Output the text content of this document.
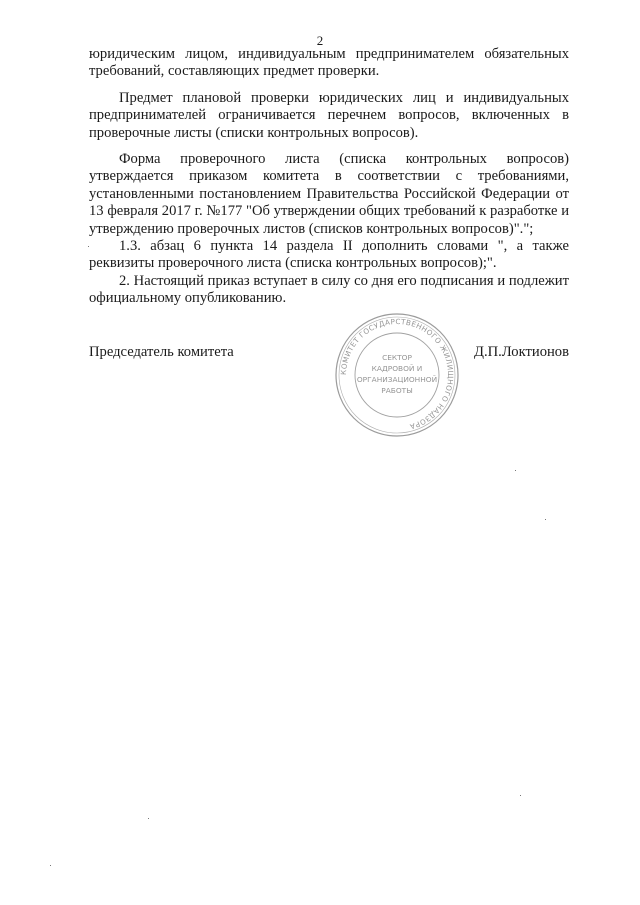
2

юридическим лицом, индивидуальным предпринимателем обязательных требований, составляющих предмет проверки.

Предмет плановой проверки юридических лиц и индивидуальных предпринимателей ограничивается перечнем вопросов, включенных в проверочные листы (списки контрольных вопросов).

Форма проверочного листа (списка контрольных вопросов) утверждается приказом комитета в соответствии с требованиями, установленными постановлением Правительства Российской Федерации от 13 февраля 2017 г. №177 "Об утверждении общих требований к разработке и утверждению проверочных листов (списков контрольных вопросов)".";

1.3. абзац 6 пункта 14 раздела II дополнить словами ", а также реквизиты проверочного листа (списка контрольных вопросов);".

2. Настоящий приказ вступает в силу со дня его подписания и подлежит официальному опубликованию.

Председатель комитета	Д.П.Локтионов
КОМИТЕТ ГОСУДАРСТВЕННОГО ЖИЛИЩНОГО НАДЗОРА
СЕКТОР
КАДРОВОЙ И
ОРГАНИЗАЦИОННОЙ
РАБОТЫ
